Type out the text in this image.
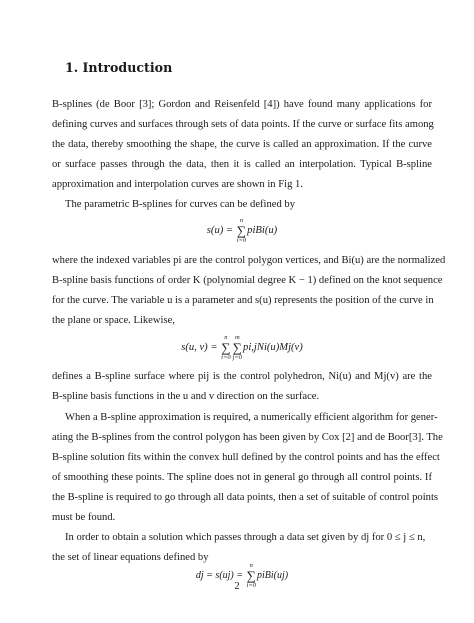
1. Introduction
B-splines (de Boor [3]; Gordon and Reisenfeld [4]) have found many applications for
defining curves and surfaces through sets of data points. If the curve or surface fits among
the data, thereby smoothing the shape, the curve is called an approximation. If the curve
or surface passes through the data, then it is called an interpolation. Typical B-spline
approximation and interpolation curves are shown in Fig 1.
The parametric B-splines for curves can be defined by
s(u) =
n
∑
i=0
piBi(u)
where the indexed variables pi are the control polygon vertices, and Bi(u) are the normalized
B-spline basis functions of order K (polynomial degree K − 1) defined on the knot sequence
for the curve. The variable u is a parameter and s(u) represents the position of the curve in
the plane or space. Likewise,
s(u, v) =
n
∑
i=0
m
∑
j=0
pi,jNi(u)Mj(v)
defines a B-spline surface where pij is the control polyhedron, Ni(u) and Mj(v) are the
B-spline basis functions in the u and v direction on the surface.
When a B-spline approximation is required, a numerically efficient algorithm for gener-
ating the B-splines from the control polygon has been given by Cox [2] and de Boor[3]. The
B-spline solution fits within the convex hull defined by the control points and has the effect
of smoothing these points. The spline does not in general go through all control points. If
the B-spline is required to go through all data points, then a set of suitable of control points
must be found.
In order to obtain a solution which passes through a data set given by dj for 0 ≤ j ≤ n,
the set of linear equations defined by
dj = s(uj) =
n
∑
i=0
piBi(uj)
2
